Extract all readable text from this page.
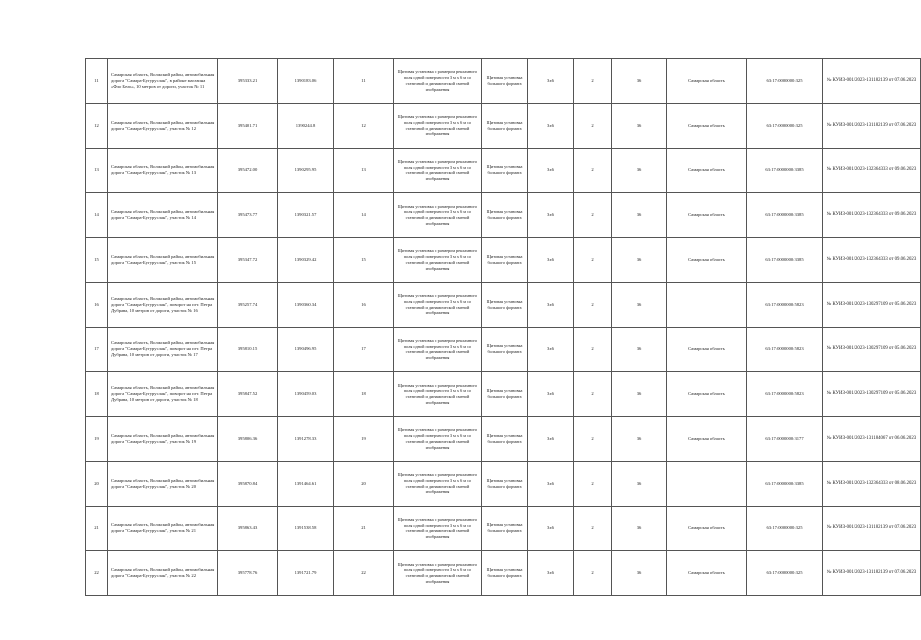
11	Самарская область, Волжский район, автомобильная дорога "Самара-Бугуруслан", в районе магазина «Фло Бель», 10 метров от дороги, участок № 11	395333.21	1390183.06	11	Щитовая установка с размером рекламного поля одной поверхности 3 м х 6 м со статичной и динамической сменой изображения	Щитовая установка большого формата	3х6	2	36	Самарская область	63:17:0000000:325	№ КУИЗ-001/2023-131182139 от 07.06.2023
12	Самарская область, Волжский район, автомобильная дорога "Самара-Бугуруслан", участок № 12	395401.71	1390244.8	12	Щитовая установка с размером рекламного поля одной поверхности 3 м х 6 м со статичной и динамической сменой изображения	Щитовая установка большого формата	3х6	2	36	Самарская область	63:17:0000000:325	№ КУИЗ-001/2023-131182139 от 07.06.2023
13	Самарская область, Волжский район, автомобильная дорога "Самара-Бугуруслан", участок № 13	395472.00	1390295.95	13	Щитовая установка с размером рекламного поля одной поверхности 3 м х 6 м со статичной и динамической сменой изображения	Щитовая установка большого формата	3х6	2	36	Самарская область	63:17:0000000:3385	№ КУИЗ-001/2023-132364333 от 09.06.2023
14	Самарская область, Волжский район, автомобильная дорога "Самара-Бугуруслан", участок № 14	395473.77	1390321.57	14	Щитовая установка с размером рекламного поля одной поверхности 3 м х 6 м со статичной и динамической сменой изображения	Щитовая установка большого формата	3х6	2	36	Самарская область	63:17:0000000:3385	№ КУИЗ-001/2023-132364333 от 09.06.2023
15	Самарская область, Волжский район, автомобильная дорога "Самара-Бугуруслан", участок № 15	395347.72	1390329.42	15	Щитовая установка с размером рекламного поля одной поверхности 3 м х 6 м со статичной и динамической сменой изображения	Щитовая установка большого формата	3х6	2	36	Самарская область	63:17:0000000:3385	№ КУИЗ-001/2023-132364333 от 09.06.2023
16	Самарская область, Волжский район, автомобильная дорога "Самара-Бугуруслан", поворот на пгт. Петра Дубрава, 10 метров от дороги, участок № 16	395257.74	1390360.34	16	Щитовая установка с размером рекламного поля одной поверхности 3 м х 6 м со статичной и динамической сменой изображения	Щитовая установка большого формата	3х6	2	36		63:17:0000000:5823	№ КУИЗ-001/2023-130297109 от 05.06.2023
17	Самарская область, Волжский район, автомобильная дорога "Самара-Бугуруслан", поворот на пгт. Петра Дубрава, 10 метров от дороги, участок № 17	395810.15	1390496.95	17	Щитовая установка с размером рекламного поля одной поверхности 3 м х 6 м со статичной и динамической сменой изображения	Щитовая установка большого формата	3х6	2	36	Самарская область	63:17:0000000:5823	№ КУИЗ-001/2023-130297109 от 05.06.2023
18	Самарская область, Волжский район, автомобильная дорога "Самара-Бугуруслан", поворот на пгт. Петра Дубрава, 10 метров от дороги, участок № 18	395847.52	1390459.03	18	Щитовая установка с размером рекламного поля одной поверхности 3 м х 6 м со статичной и динамической сменой изображения	Щитовая установка большого формата	3х6	2	36	Самарская область	63:17:0000000:5823	№ КУИЗ-001/2023-130297109 от 05.06.2023
19	Самарская область, Волжский район, автомобильная дорога "Самара-Бугуруслан", участок № 19	395806.36	1391278.33	19	Щитовая установка с размером рекламного поля одной поверхности 3 м х 6 м со статичной и динамической сменой изображения	Щитовая установка большого формата	3х6	2	36	Самарская область	63:17:0000000:3177	№ КУИЗ-001/2023-131184067 от 06.06.2023
20	Самарская область, Волжский район, автомобильная дорога "Самара-Бугуруслан", участок № 20	395870.84	1391464.61	20	Щитовая установка с размером рекламного поля одной поверхности 3 м х 6 м со статичной и динамической сменой изображения	Щитовая установка большого формата	3х6	2	36		63:17:0000000:3385	№ КУИЗ-001/2023-132364333 от 08.06.2023
21	Самарская область, Волжский район, автомобильная дорога "Самара-Бугуруслан", участок № 21	395863.43	1391538.58	21	Щитовая установка с размером рекламного поля одной поверхности 3 м х 6 м со статичной и динамической сменой изображения	Щитовая установка большого формата	3х6	2	36	Самарская область	63:17:0000000:325	№ КУИЗ-001/2023-131182139 от 07.06.2023
22	Самарская область, Волжский район, автомобильная дорога "Самара-Бугуруслан", участок № 22	395778.76	1391721.79	22	Щитовая установка с размером рекламного поля одной поверхности 3 м х 6 м со статичной и динамической сменой изображения	Щитовая установка большого формата	3х6	2	36	Самарская область	63:17:0000000:325	№ КУИЗ-001/2023-131182139 от 07.06.2023
